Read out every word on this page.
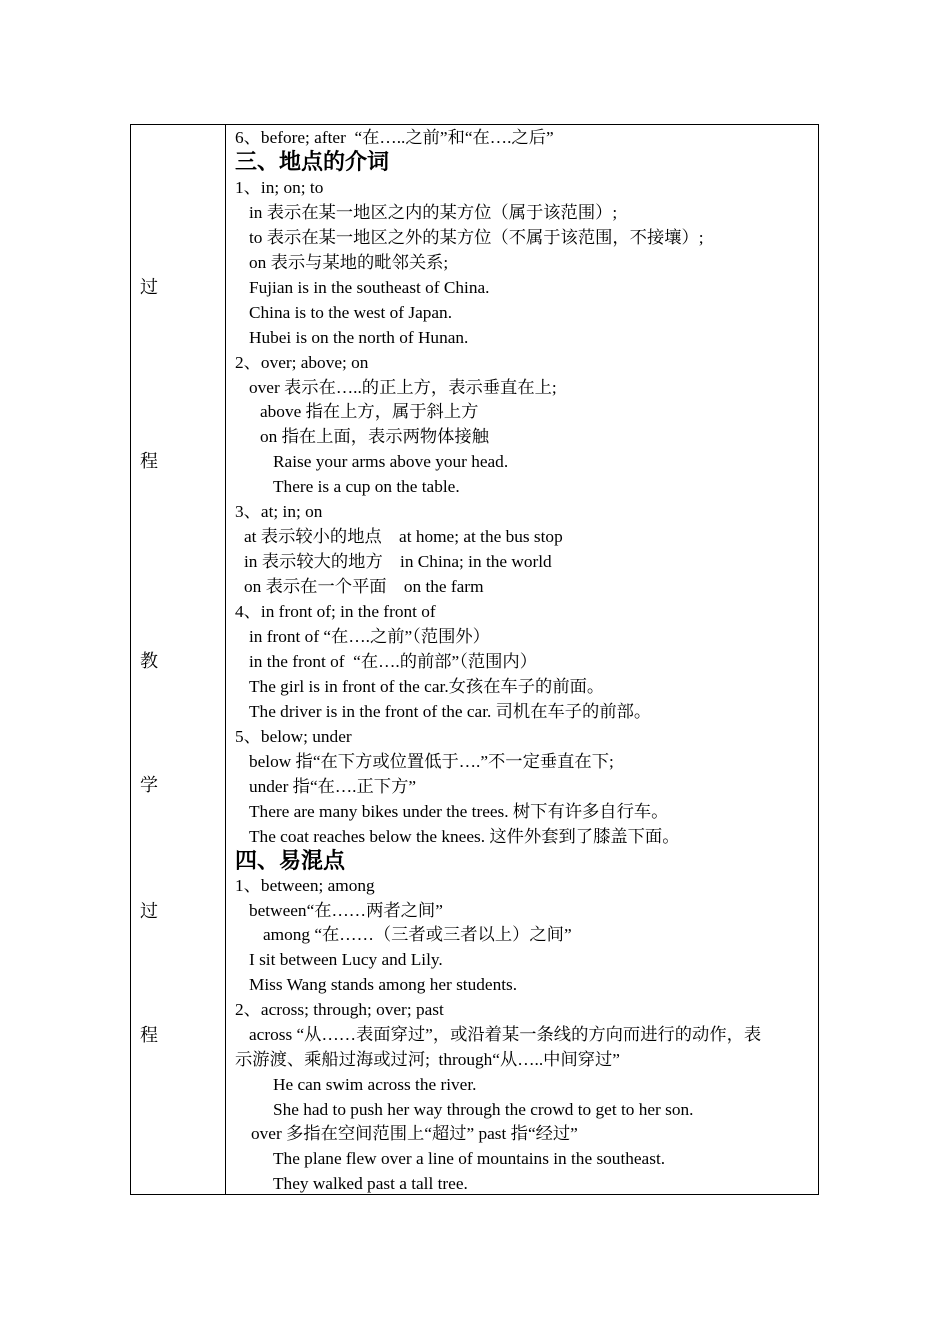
过
程
教
学
过
程
6、before; after  “在…..之前”和“在….之后”
三、地点的介词
1、in; on; to
in 表示在某一地区之内的某方位（属于该范围）;
to 表示在某一地区之外的某方位（不属于该范围，不接壤）;
on 表示与某地的毗邻关系;
Fujian is in the southeast of China.
China is to the west of Japan.
Hubei is on the north of Hunan.
2、over; above; on
over 表示在…..的正上方，表示垂直在上;
above 指在上方，属于斜上方
on 指在上面，表示两物体接触
Raise your arms above your head.
There is a cup on the table.
3、at; in; on
at 表示较小的地点    at home; at the bus stop
in 表示较大的地方    in China; in the world
on 表示在一个平面    on the farm
4、in front of; in the front of
in front of “在….之前”（范围外）
in the front of  “在….的前部”（范围内）
The girl is in front of the car.女孩在车子的前面。
The driver is in the front of the car. 司机在车子的前部。
5、below; under
below 指“在下方或位置低于….”不一定垂直在下;
under 指“在….正下方”
There are many bikes under the trees. 树下有许多自行车。
The coat reaches below the knees. 这件外套到了膝盖下面。
四、易混点
1、between; among
between“在……两者之间”
among “在……（三者或三者以上）之间”
I sit between Lucy and Lily.
Miss Wang stands among her students.
2、across; through; over; past
across “从……表面穿过”，或沿着某一条线的方向而进行的动作，表
示游渡、乘船过海或过河;  through“从…..中间穿过”
He can swim across the river.
She had to push her way through the crowd to get to her son.
over 多指在空间范围上“超过” past 指“经过”
The plane flew over a line of mountains in the southeast.
They walked past a tall tree.
